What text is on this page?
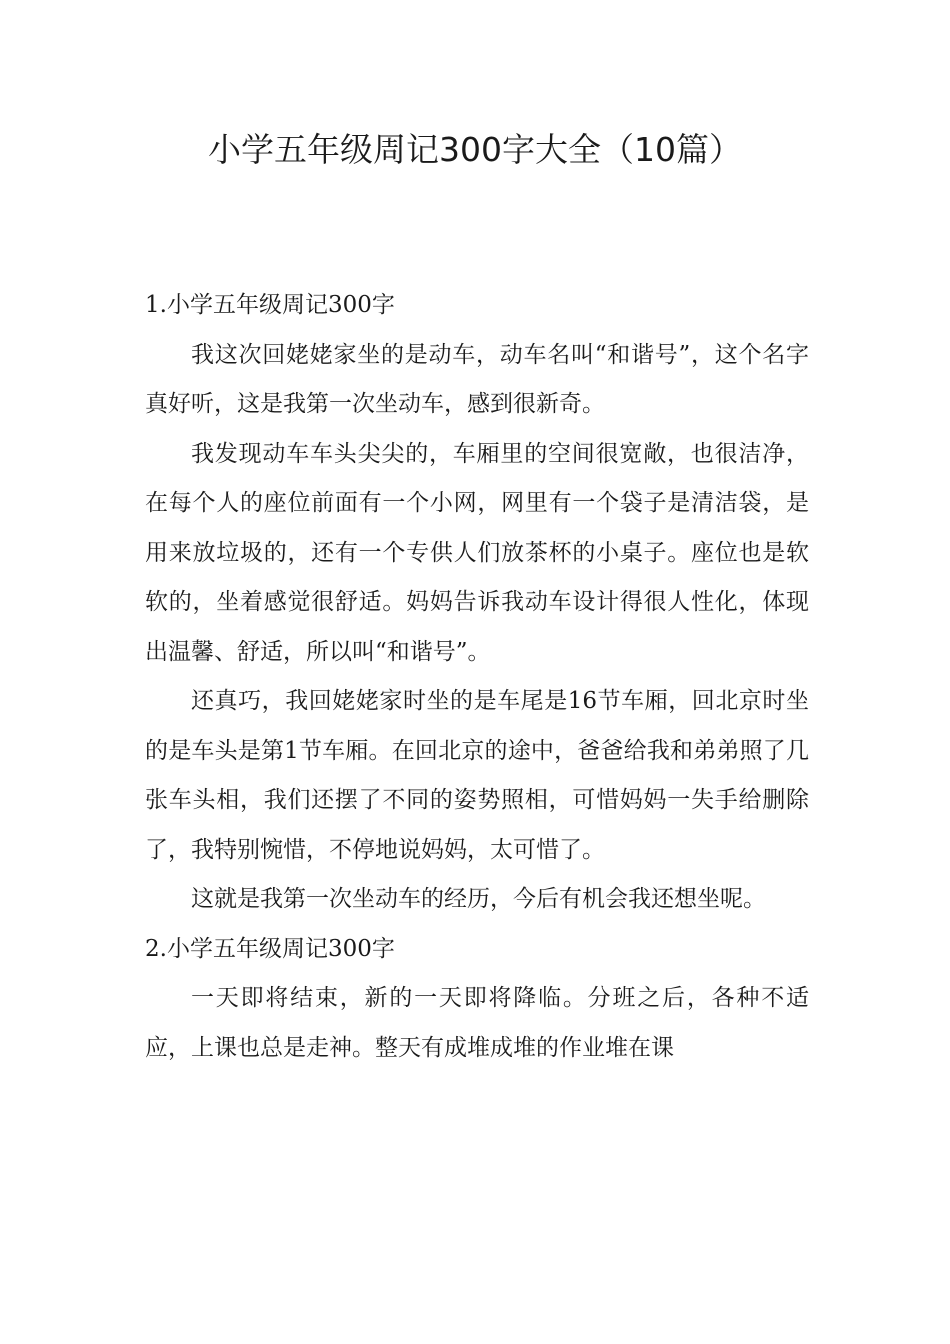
小学五年级周记300字大全（10篇）

1.小学五年级周记300字

我这次回姥姥家坐的是动车，动车名叫“和谐号”，这个名字真好听，这是我第一次坐动车，感到很新奇。

我发现动车车头尖尖的，车厢里的空间很宽敞，也很洁净，在每个人的座位前面有一个小网，网里有一个袋子是清洁袋，是用来放垃圾的，还有一个专供人们放茶杯的小桌子。座位也是软软的，坐着感觉很舒适。妈妈告诉我动车设计得很人性化，体现出温馨、舒适，所以叫“和谐号”。

还真巧，我回姥姥家时坐的是车尾是16节车厢，回北京时坐的是车头是第1节车厢。在回北京的途中，爸爸给我和弟弟照了几张车头相，我们还摆了不同的姿势照相，可惜妈妈一失手给删除了，我特别惋惜，不停地说妈妈，太可惜了。

这就是我第一次坐动车的经历，今后有机会我还想坐呢。

2.小学五年级周记300字

一天即将结束，新的一天即将降临。分班之后，各种不适应，上课也总是走神。整天有成堆成堆的作业堆在课
